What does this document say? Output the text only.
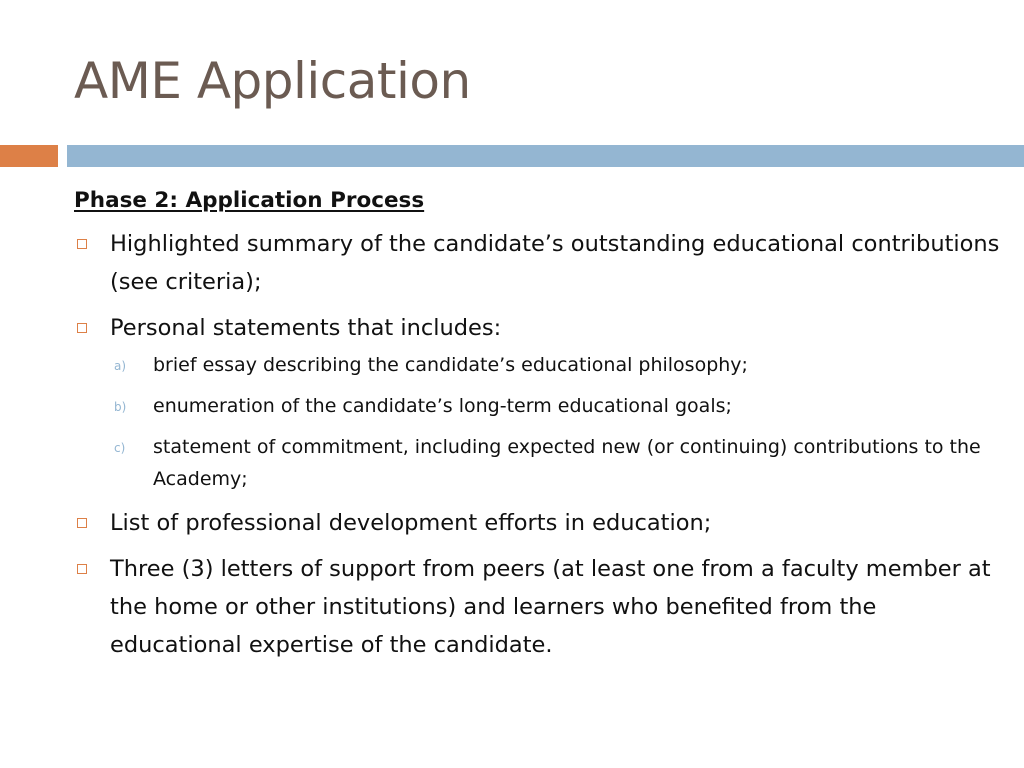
AME Application
Phase 2: Application Process
Highlighted summary of the candidate’s outstanding educational contributions (see criteria);
Personal statements that includes:
a) brief essay describing the candidate’s educational philosophy;
b) enumeration of the candidate’s long-term educational goals;
c) statement of commitment, including expected new (or continuing) contributions to the Academy;
List of professional development efforts in education;
Three (3) letters of support from peers (at least one from a faculty member at the home or other institutions) and learners who benefited from the educational expertise of the candidate.
